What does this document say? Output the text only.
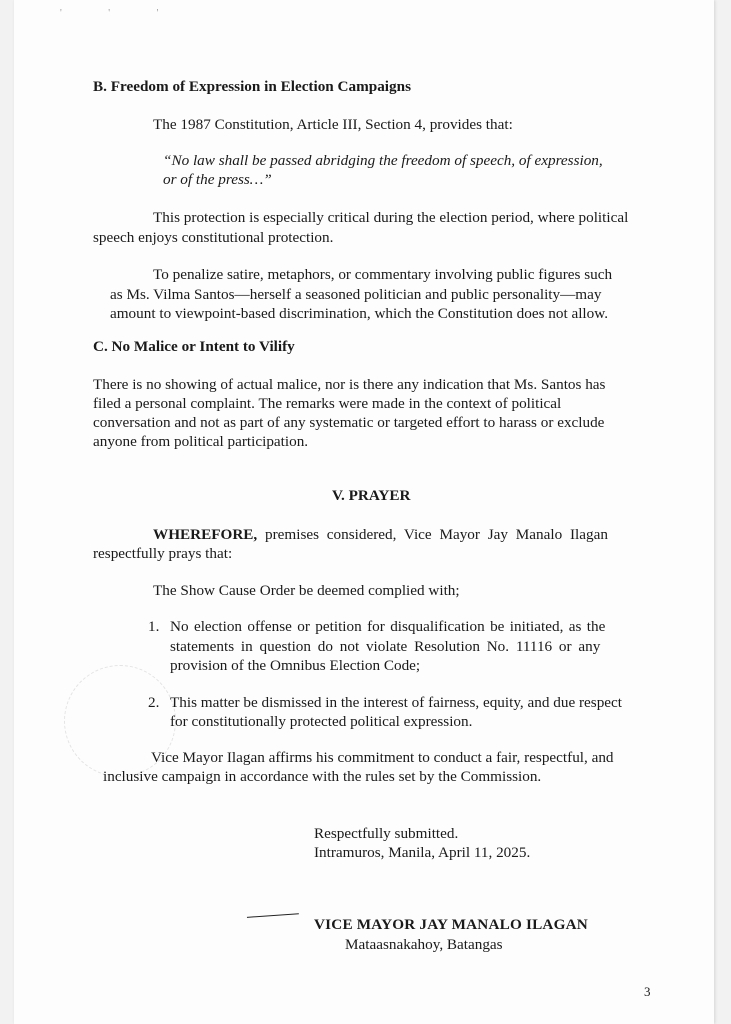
' ' '
B. Freedom of Expression in Election Campaigns
The 1987 Constitution, Article III, Section 4, provides that:
“No law shall be passed abridging the freedom of speech, of expression,
or of the press…”
This protection is especially critical during the election period, where political
speech enjoys constitutional protection.
To penalize satire, metaphors, or commentary involving public figures such
as Ms. Vilma Santos—herself a seasoned politician and public personality—may
amount to viewpoint-based discrimination, which the Constitution does not allow.
C. No Malice or Intent to Vilify
There is no showing of actual malice, nor is there any indication that Ms. Santos has
filed a personal complaint. The remarks were made in the context of political
conversation and not as part of any systematic or targeted effort to harass or exclude
anyone from political participation.
V. PRAYER
WHEREFORE, premises considered, Vice Mayor Jay Manalo Ilagan
respectfully prays that:
The Show Cause Order be deemed complied with;
1. No election offense or petition for disqualification be initiated, as the
statements in question do not violate Resolution No. 11116 or any
provision of the Omnibus Election Code;
2. This matter be dismissed in the interest of fairness, equity, and due respect
for constitutionally protected political expression.
Vice Mayor Ilagan affirms his commitment to conduct a fair, respectful, and
inclusive campaign in accordance with the rules set by the Commission.
Respectfully submitted.
Intramuros, Manila, April 11, 2025.
VICE MAYOR JAY MANALO ILAGAN
Mataasnakahoy, Batangas
3
